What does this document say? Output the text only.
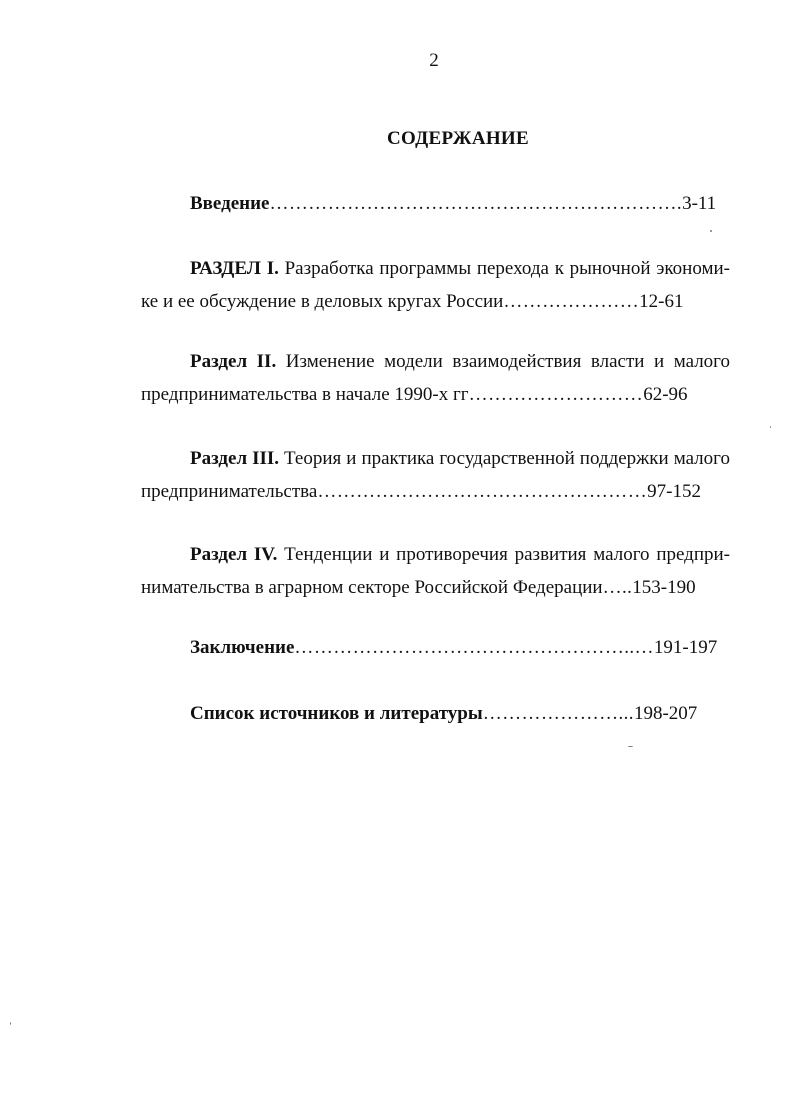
2
СОДЕРЖАНИЕ
Введение……………………………………………………….3-11
РАЗДЕЛ I. Разработка программы перехода к рыночной экономи-
ке и ее обсуждение в деловых кругах России…………………12-61
Раздел II. Изменение модели взаимодействия власти и малого
предпринимательства в начале 1990-х гг………………………62-96
Раздел III. Теория и практика государственной поддержки малого
предпринимательства……………………………………………97-152
Раздел IV. Тенденции и противоречия развития малого предпри-
нимательства в аграрном секторе Российской Федерации…..153-190
Заключение……………………………………………..…191-197
Список источников и литературы…………………...198-207
